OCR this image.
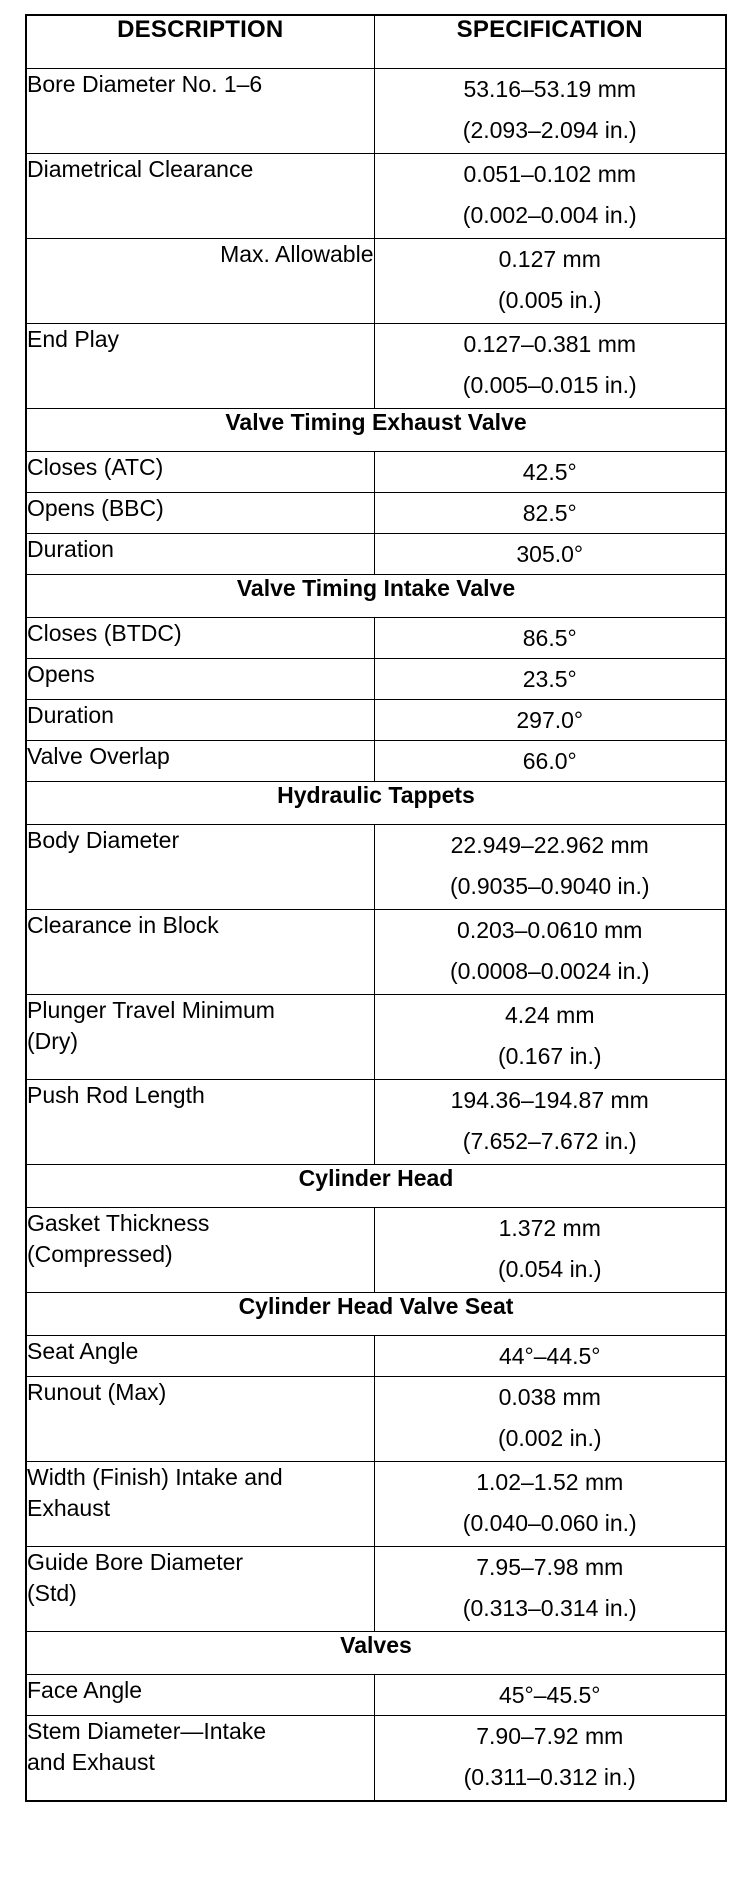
DESCRIPTION	SPECIFICATION
Bore Diameter No. 1–6	53.16–53.19 mm
(2.093–2.094 in.)

Diametrical Clearance	0.051–0.102 mm
(0.002–0.004 in.)

Max. Allowable	0.127 mm
(0.005 in.)

End Play	0.127–0.381 mm
(0.005–0.015 in.)

Valve Timing Exhaust Valve	
Closes (ATC)	42.5°
Opens (BBC)	82.5°
Duration	305.0°
Valve Timing Intake Valve	
Closes (BTDC)	86.5°
Opens	23.5°
Duration	297.0°
Valve Overlap	66.0°
Hydraulic Tappets	
Body Diameter	22.949–22.962 mm
(0.9035–0.9040 in.)

Clearance in Block	0.203–0.0610 mm
(0.0008–0.0024 in.)

Plunger Travel Minimum
(Dry)	4.24 mm
(0.167 in.)

Push Rod Length	194.36–194.87 mm
(7.652–7.672 in.)

Cylinder Head	

Gasket Thickness
(Compressed)	1.372 mm
(0.054 in.)

Cylinder Head Valve Seat	
Seat Angle	44°–44.5°
Runout (Max)	0.038 mm
(0.002 in.)

Width (Finish) Intake and
Exhaust	1.02–1.52 mm
(0.040–0.060 in.)

Guide Bore Diameter
(Std)	7.95–7.98 mm
(0.313–0.314 in.)

Valves	
Face Angle	45°–45.5°

Stem Diameter—Intake
and Exhaust	7.90–7.92 mm
(0.311–0.312 in.)
